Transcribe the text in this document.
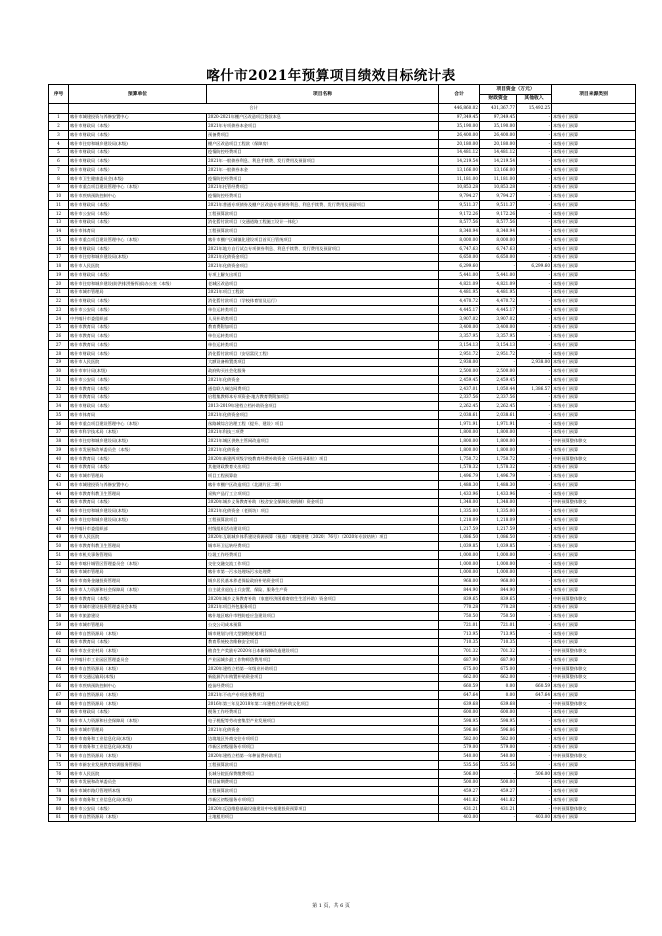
喀什市2021年预算项目绩效目标统计表
序号	预算单位	项目名称	合计	项目资金（万元）		项目来源类别
				财政资金	其他收入	
	合计		446,860.02	431,367.77	15,492.25	
1	喀什市城建投资与养修安置中心	2020-2021年棚户区改造项目贷款本息	97,349.45	97,349.45	-	本级专门预算
2	喀什市财政局（本级）	2021年专项债券本金项目	35,190.00	35,190.00	-	本级专门预算
3	喀什市财政局（本级）	预备费项目	26,400.00	26,400.00	-	本级专门预算
4	喀什市住房和城乡建设局(本级)	棚户区改造项目工程款（保障房）	20,180.00	20,180.00	-	本级专门预算
5	喀什市财政局（本级）	疫情防控经费项目	14,481.12	14,481.12	-	本级专门预算
6	喀什市财政局（本级）	2021年一般债券利息、利息手续费、发行费用及预留项目	14,219.54	14,219.54	-	本级专门预算
7	喀什市财政局（本级）	2021年一般债券本金	13,166.00	13,166.00	-	本级专门预算
8	喀什市卫生健康委员会(本级)	疫情防控经费项目	11,181.00	11,181.00	-	本级专门预算
9	喀什市重点项目建设管理中心（本级）	2021年托管经费项目	10,853.28	10,853.28	-	本级专门预算
10	喀什市疾病预防控制中心	疫情防控经费项目	9,794.27	9,794.27	-	本级专门预算
11	喀什市财政局（本级）	2021年普通专项债券及棚户区改造专项债券利息、利息手续费、发行费用及预留项目	9,511.37	9,511.37	-	本级专门预算
12	喀什市公安局（本级）	工程预算款项目	9,172.26	9,172.26	-	本级专门预算
13	喀什市财政局（本级）	消化暂付款项目（交通道路工程施工设计一体化）	8,577.56	8,577.56	-	本级专门预算
14	喀什市体育局	工程预算款项目	8,340.94	8,340.94	-	本级专门预算
15	喀什市重点项目建设管理中心（本级）	喀什市棚户区城镇化建设项目首页日管统项目	8,000.00	8,000.00	-	本级专门预算
16	喀什市财政局（本级）	2021年地方自行试点专项债券利息、利息手续费、发行费用及预留项目	6,747.63	6,747.63	-	本级专门预算
17	喀什市住房和城乡建设局(本级)	2021年化债资金项目	6,650.00	6,650.00	-	本级专门预算
18	喀什市人民医院	2021年化债资金项目	6,299.60	-	6,299.60	本级专门预算
19	喀什市财政局（本级）	专项上解支出项目	5,441.00	5,441.00	-	本级专门预算
20	喀什市住房和城乡建设(防洪排涝指挥部)办公室（本级）	老城区改造项目	4,821.09	4,821.09	-	本级专门预算
21	喀什市城市管理局	2021年项目工程款	4,481.95	4,481.95	-	本级专门预算
22	喀什市财政局（本级）	消化暂付款项目（学校体育馆及运行）	4,470.72	4,470.72	-	本级专门预算
23	喀什市公安局（本级）	单位运转类项目	4,445.17	4,445.17	-	本级专门预算
24	中共喀什市委组织部	人员补助类项目	3,907.02	3,907.02	-	本级专门预算
25	喀什市教育局（本级）	教育费附加项目	3,400.00	3,400.00	-	本级专门预算
26	喀什市教育局（本级）	单位运转类项目	3,357.95	3,357.95	-	本级专门预算
27	喀什市教育局（本级）	单位运转类项目	3,154.13	3,154.13	-	本级专门预算
28	喀什市财政局（本级）	消化暂付款项目（安居富民工程）	2,951.72	2,951.72	-	本级专门预算
29	喀什市人民医院	大额设备购置类项目	2,938.00	-	2,938.00	本级专门预算
30	喀什市审计局(本级)	政府购买社会化服务	2,500.00	2,500.00	-	本级专门预算
31	喀什市公安局（本级）	2021年化债资金	2,459.45	2,459.45	-	本级专门预算
32	喀什市教育局（本级）	通信联九端边网费项目	2,437.01	1,050.44	1,386.57	本级专门预算
33	喀什市教育局（本级）	启程集教师本专项资金-地方教育费附加项目	2,337.56	2,337.56	-	本级专门预算
34	喀什市财政局（本级）	2013-2019年建档立档补助资金项目	2,262.45	2,262.45	-	本级专门预算
35	喀什市体育局	2021年化债资金项目	2,038.61	2,038.61	-	本级专门预算
36	喀什市重点项目建设管理中心（本级）	丝路城综合治理工程（提升、建设）项目	1,971.91	1,971.91	-	本级专门预算
37	喀什市科学技术局（本级）	2021年科技三项费	1,800.00	1,800.00	-	本级专门预算
38	喀什市住房和城乡建设局(本级)	2021年城区供热主管网改造项目	1,800.00	1,800.00	-	中转预算整体移交
39	喀什市发展和改革委员会（本级）	2021年化债资金	1,800.00	1,800.00	-	本级专门预算
40	喀什市教育局（本级）	2020年新建两项级学校教育经费补助资金（乐村招录职位）项目	1,750.72	1,750.72	-	中转预算整体移交
41	喀什市教育局（本级）	其他财政教育支出项目	1,578.32	1,578.32	-	本级专门预算
42	喀什市城市管理局	项目工程预算款	1,496.79	1,496.79	-	本级专门预算
43	喀什市城建投资与养修安置中心	喀什市棚户区改造项目（北湖片区二期）	1,488.30	1,488.30	-	本级专门预算
44	喀什市教育科教卫生管理局	采购产品行工立项项目	1,433.96	1,433.96	-	本级专门预算
45	喀什市教育局（本级）	2020年城乡义务教育补助（校舍安全保障长效机制）资金项目	1,348.00	1,348.00	-	中转预算整体移交
46	喀什市住房和城乡建设局(本级)	2021年化债资金（老街坊）项目	1,335.00	1,335.00	-	本级专门预算
47	喀什市住房和城乡建设局(本级)	工程预算款项目	1,218.09	1,218.09	-	本级专门预算
48	中共喀什市委组织部	村级组织活动建设项目	1,217.59	1,217.59	-	本级专门预算
49	喀什市人民医院	2020年互联城乡体系建设资源预算（预选）（喀地财建〔2020〕76号）（2020年专款结转）项目	1,086.50	1,086.50	-	本级专门预算
50	喀什市教育科教卫生管理局	城市环卫运转经费项目	1,039.85	1,039.85	-	本级专门预算
51	喀什市机关事务管理局	垃圾工作经费项目	1,000.00	1,000.00	-	本级专门预算
52	喀什市喀什城管区管理委员会（本级）	交往交融交流工作项目	1,000.00	1,000.00	-	本级专门预算
53	喀什市城市管理局	喀什市第一污水处理场污水处理费	1,000.00	1,000.00	-	本级专门预算
54	喀什市商务金融投资管理局	城乡居民基本养老保险政府补贴资金项目	968.00	968.00	-	本级专门预算
55	喀什市人力资源和社会保障局（本级）	自主就业退伍士兵安置、保险、服务生产资	844.90	844.90	-	本级专门预算
56	喀什市教育局（本级）	2020年城乡义务教育补助（家庭经济困难寄宿生生活补助）资金项目	839.65	839.65	-	中转预算整体移交
57	喀什市城市建设投资管理委员会本级	2021年项目外包服务项目	770.28	770.28	-	本级专门预算
58	喀什市旅游建设	喀什地区喀什市牲防疫应急建设项目	750.50	750.50	-	本级专门预算
59	喀什市城市管理局	公交公司成本预算	721.01	721.01	-	本级专门预算
60	喀什市自然资源局（本级）	城市规划与用大型测绘规划项目	713.95	713.95	-	本级专门预算
61	喀什市教育局（本级）	教育系统校舍维修安全项目	710.35	710.35	-	本级专门预算
62	喀什市农业农村局（本级）	粮食生产奖励专2020年日本新保障改造建设项目	701.32	701.32	-	中转预算整体移交
63	中共喀什市工业园区管理委员会	产业园城乡最工作物师贷费用项目	687.90	687.90	-	本级专门预算
64	喀什市自然资源局（本级）	2020年建档立档第一年级业补助项目	675.00	675.00	-	中转预算整体移交
65	喀什市交通运输局(本级)	新能源汽车购置补贴资金项目	662.00	662.00	-	中转预算整体移交
66	喀什市疾病预防控制中心	疫苗经费项目	660.59	0.00	660.59	本级专门预算
67	喀什市自然资源局（本级）	2021年不动产专项业务费项目	647.64	0.00	647.64	本级专门预算
68	喀什市自然资源局（本级）	2016年第三年及2018年第二年建档立档补助文化项目	639.68	639.68	-	中转预算整体移交
69	喀什市财政局（本级）	税务工作经费项目	600.00	600.00	-	本级专门预算
70	喀什市人力资源和社会保障局（本级）	电子税配等劳动密集型产业发展项目	598.95	598.95	-	本级专门预算
71	喀什市城市管理局	2021年化债资金	596.86	596.86	-	本级专门预算
72	喀什市商务和工业信息化局(本级)	边境地区外商交往专项项目	582.00	582.00	-	本级专门预算
73	喀什市商务和工业信息化局(本级)	市新区初级服务专项项目	579.00	579.00	-	本级专门预算
74	喀什市自然资源局（本级）	2020年建档立档第一年种苗费补助项目	540.00	540.00	-	中转预算整体移交
75	喀什市新农业发展教育培训服务管理局	工程预算款项目	535.56	535.56	-	本级专门预算
76	喀什市人民医院	长城分院医保费缴费项目	506.00	-	506.00	本级专门预算
77	喀什市发展和改革委员会	项目前期费项目	500.00	500.00	-	本级专门预算
78	喀什市城市路灯管理所本级	工程预算款项目	459.27	459.27	-	本级专门预算
79	喀什市商务和工业信息化局(本级)	市新区初级服务专项项目	441.82	441.82	-	本级专门预算
80	喀什市公安局（本级）	2020年反恐维稳基础设施建设中央基建投资预算项目	431.21	431.21	-	中转预算整体移交
81	喀什市自然资源局（本级）	土地租用项目	403.00	-	403.00	本级专门预算
第 1 页，共 6 页
